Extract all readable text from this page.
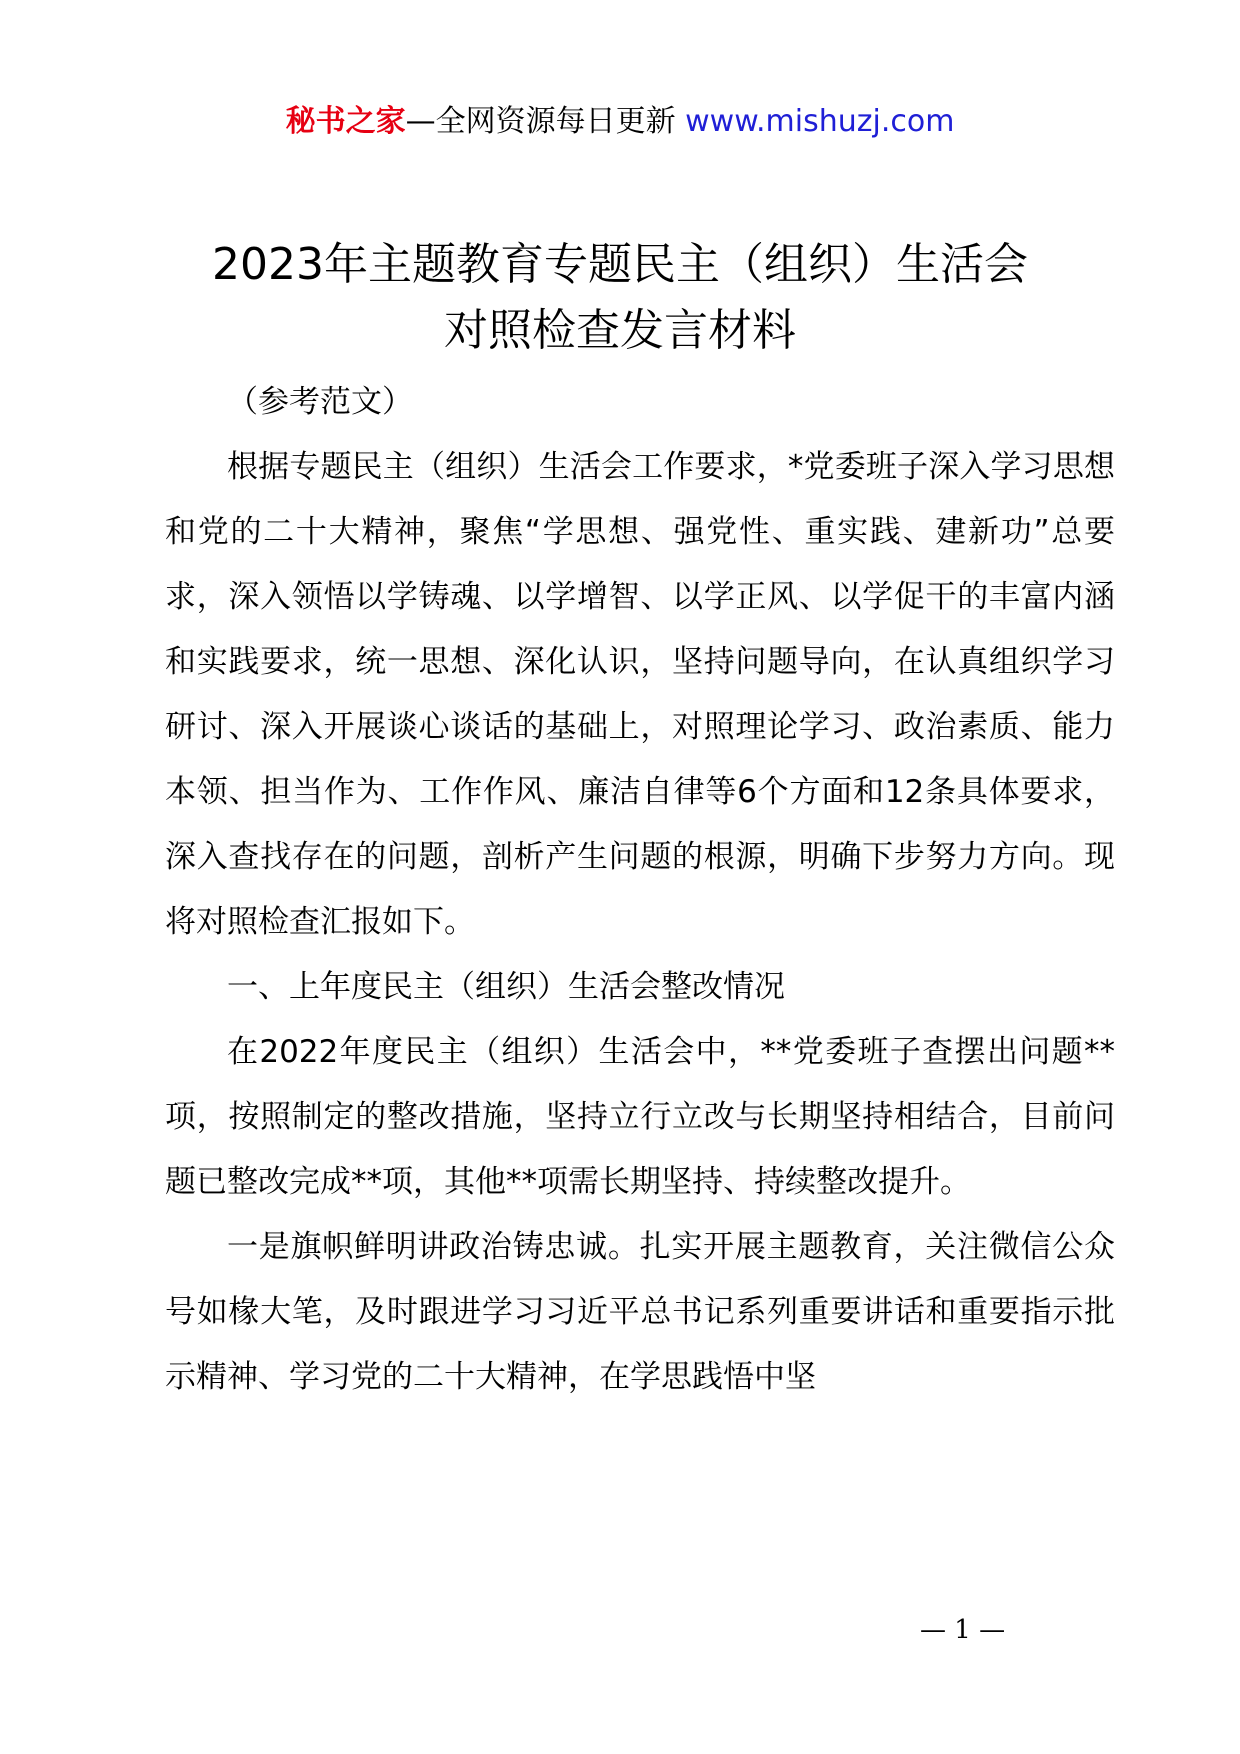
秘书之家—全网资源每日更新 www.mishuzj.com
2023年主题教育专题民主（组织）生活会
对照检查发言材料

（参考范文）

根据专题民主（组织）生活会工作要求，*党委班子深入学习思想和党的二十大精神，聚焦“学思想、强党性、重实践、建新功”总要求，深入领悟以学铸魂、以学增智、以学正风、以学促干的丰富内涵和实践要求，统一思想、深化认识，坚持问题导向，在认真组织学习研讨、深入开展谈心谈话的基础上，对照理论学习、政治素质、能力本领、担当作为、工作作风、廉洁自律等6个方面和12条具体要求，深入查找存在的问题，剖析产生问题的根源，明确下步努力方向。现将对照检查汇报如下。

一、上年度民主（组织）生活会整改情况

在2022年度民主（组织）生活会中，**党委班子查摆出问题**项，按照制定的整改措施，坚持立行立改与长期坚持相结合，目前问题已整改完成**项，其他**项需长期坚持、持续整改提升。

一是旗帜鲜明讲政治铸忠诚。扎实开展主题教育，关注微信公众号如椽大笔，及时跟进学习习近平总书记系列重要讲话和重要指示批示精神、学习党的二十大精神，在学思践悟中坚

— 1 —
